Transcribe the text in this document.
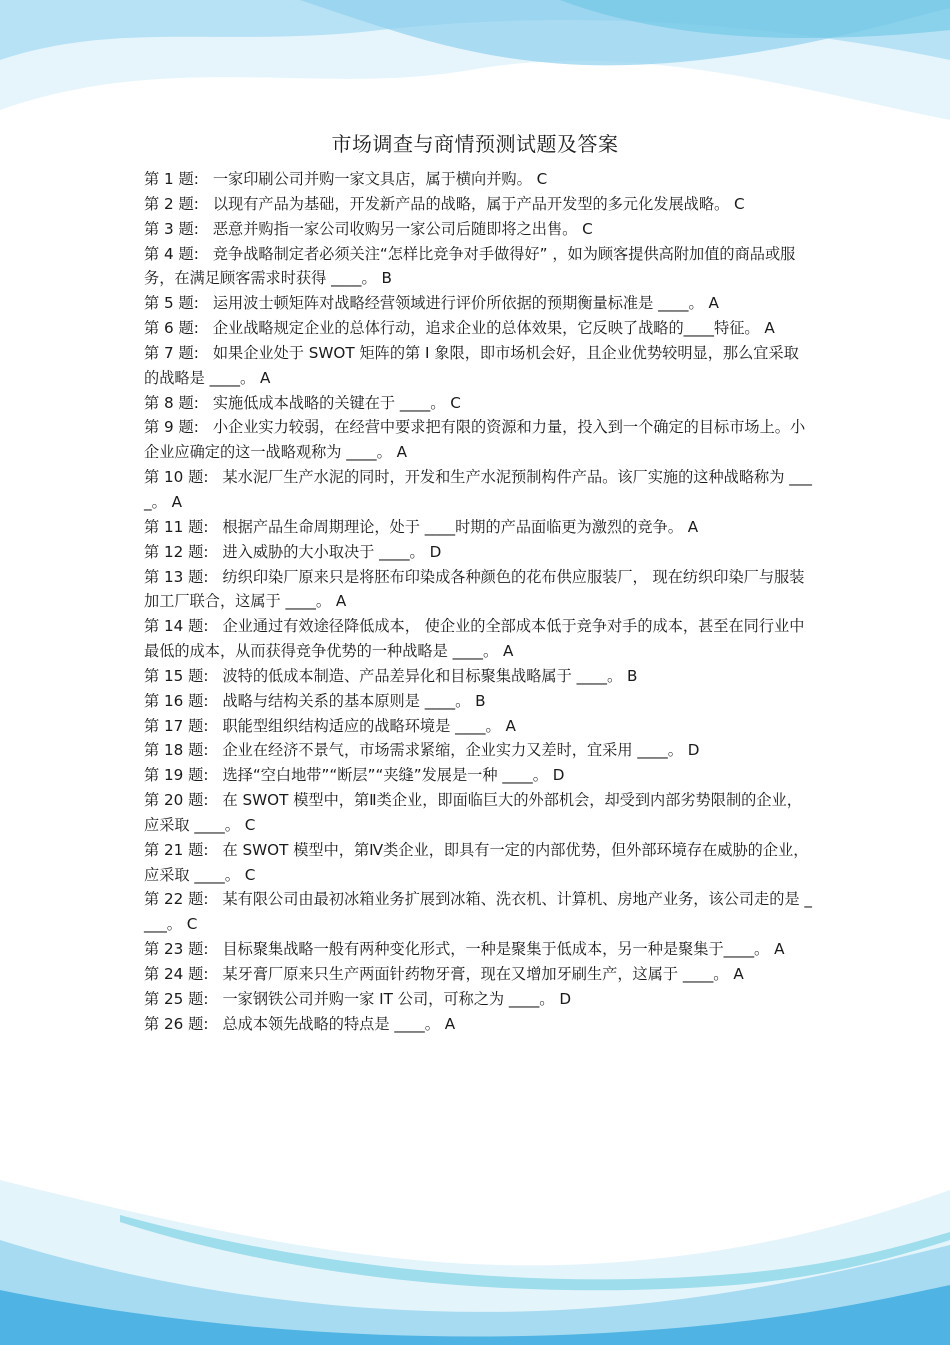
市场调查与商情预测试题及答案

第 1 题: 一家印刷公司并购一家文具店，属于横向并购。 C

第 2 题: 以现有产品为基础，开发新产品的战略，属于产品开发型的多元化发展战略。 C

第 3 题: 恶意并购指一家公司收购另一家公司后随即将之出售。 C

第 4 题: 竞争战略制定者必须关注“怎样比竞争对手做得好” ，如为顾客提供高附加值的商品或服务，在满足顾客需求时获得 ____。 B

第 5 题: 运用波士顿矩阵对战略经营领域进行评价所依据的预期衡量标准是 ____。 A

第 6 题: 企业战略规定企业的总体行动，追求企业的总体效果，它反映了战略的____特征。 A

第 7 题: 如果企业处于 SWOT 矩阵的第 I 象限，即市场机会好，且企业优势较明显，那么宜采取的战略是 ____。 A

第 8 题: 实施低成本战略的关键在于 ____。 C

第 9 题: 小企业实力较弱，在经营中要求把有限的资源和力量，投入到一个确定的目标市场上。小企业应确定的这一战略观称为 ____。 A

第 10 题: 某水泥厂生产水泥的同时，开发和生产水泥预制构件产品。该厂实施的这种战略称为 ____。 A

第 11 题: 根据产品生命周期理论，处于 ____时期的产品面临更为激烈的竞争。 A

第 12 题: 进入威胁的大小取决于 ____。 D

第 13 题: 纺织印染厂原来只是将胚布印染成各种颜色的花布供应服装厂， 现在纺织印染厂与服装加工厂联合，这属于 ____。 A

第 14 题: 企业通过有效途径降低成本， 使企业的全部成本低于竞争对手的成本，甚至在同行业中最低的成本，从而获得竞争优势的一种战略是 ____。 A

第 15 题: 波特的低成本制造、产品差异化和目标聚集战略属于 ____。 B

第 16 题: 战略与结构关系的基本原则是 ____。 B

第 17 题: 职能型组织结构适应的战略环境是 ____。 A

第 18 题: 企业在经济不景气，市场需求紧缩，企业实力又差时，宜采用 ____。 D

第 19 题: 选择“空白地带”“断层”“夹缝”发展是一种 ____。 D

第 20 题: 在 SWOT 模型中，第Ⅱ类企业，即面临巨大的外部机会，却受到内部劣势限制的企业，应采取 ____。 C

第 21 题: 在 SWOT 模型中，第Ⅳ类企业，即具有一定的内部优势，但外部环境存在威胁的企业，应采取 ____。 C

第 22 题: 某有限公司由最初冰箱业务扩展到冰箱、洗衣机、计算机、房地产业务，该公司走的是 ____。 C

第 23 题: 目标聚集战略一般有两种变化形式，一种是聚集于低成本，另一种是聚集于____。 A

第 24 题: 某牙膏厂原来只生产两面针药物牙膏，现在又增加牙刷生产，这属于 ____。 A

第 25 题: 一家钢铁公司并购一家 IT 公司，可称之为 ____。 D

第 26 题: 总成本领先战略的特点是 ____。 A
